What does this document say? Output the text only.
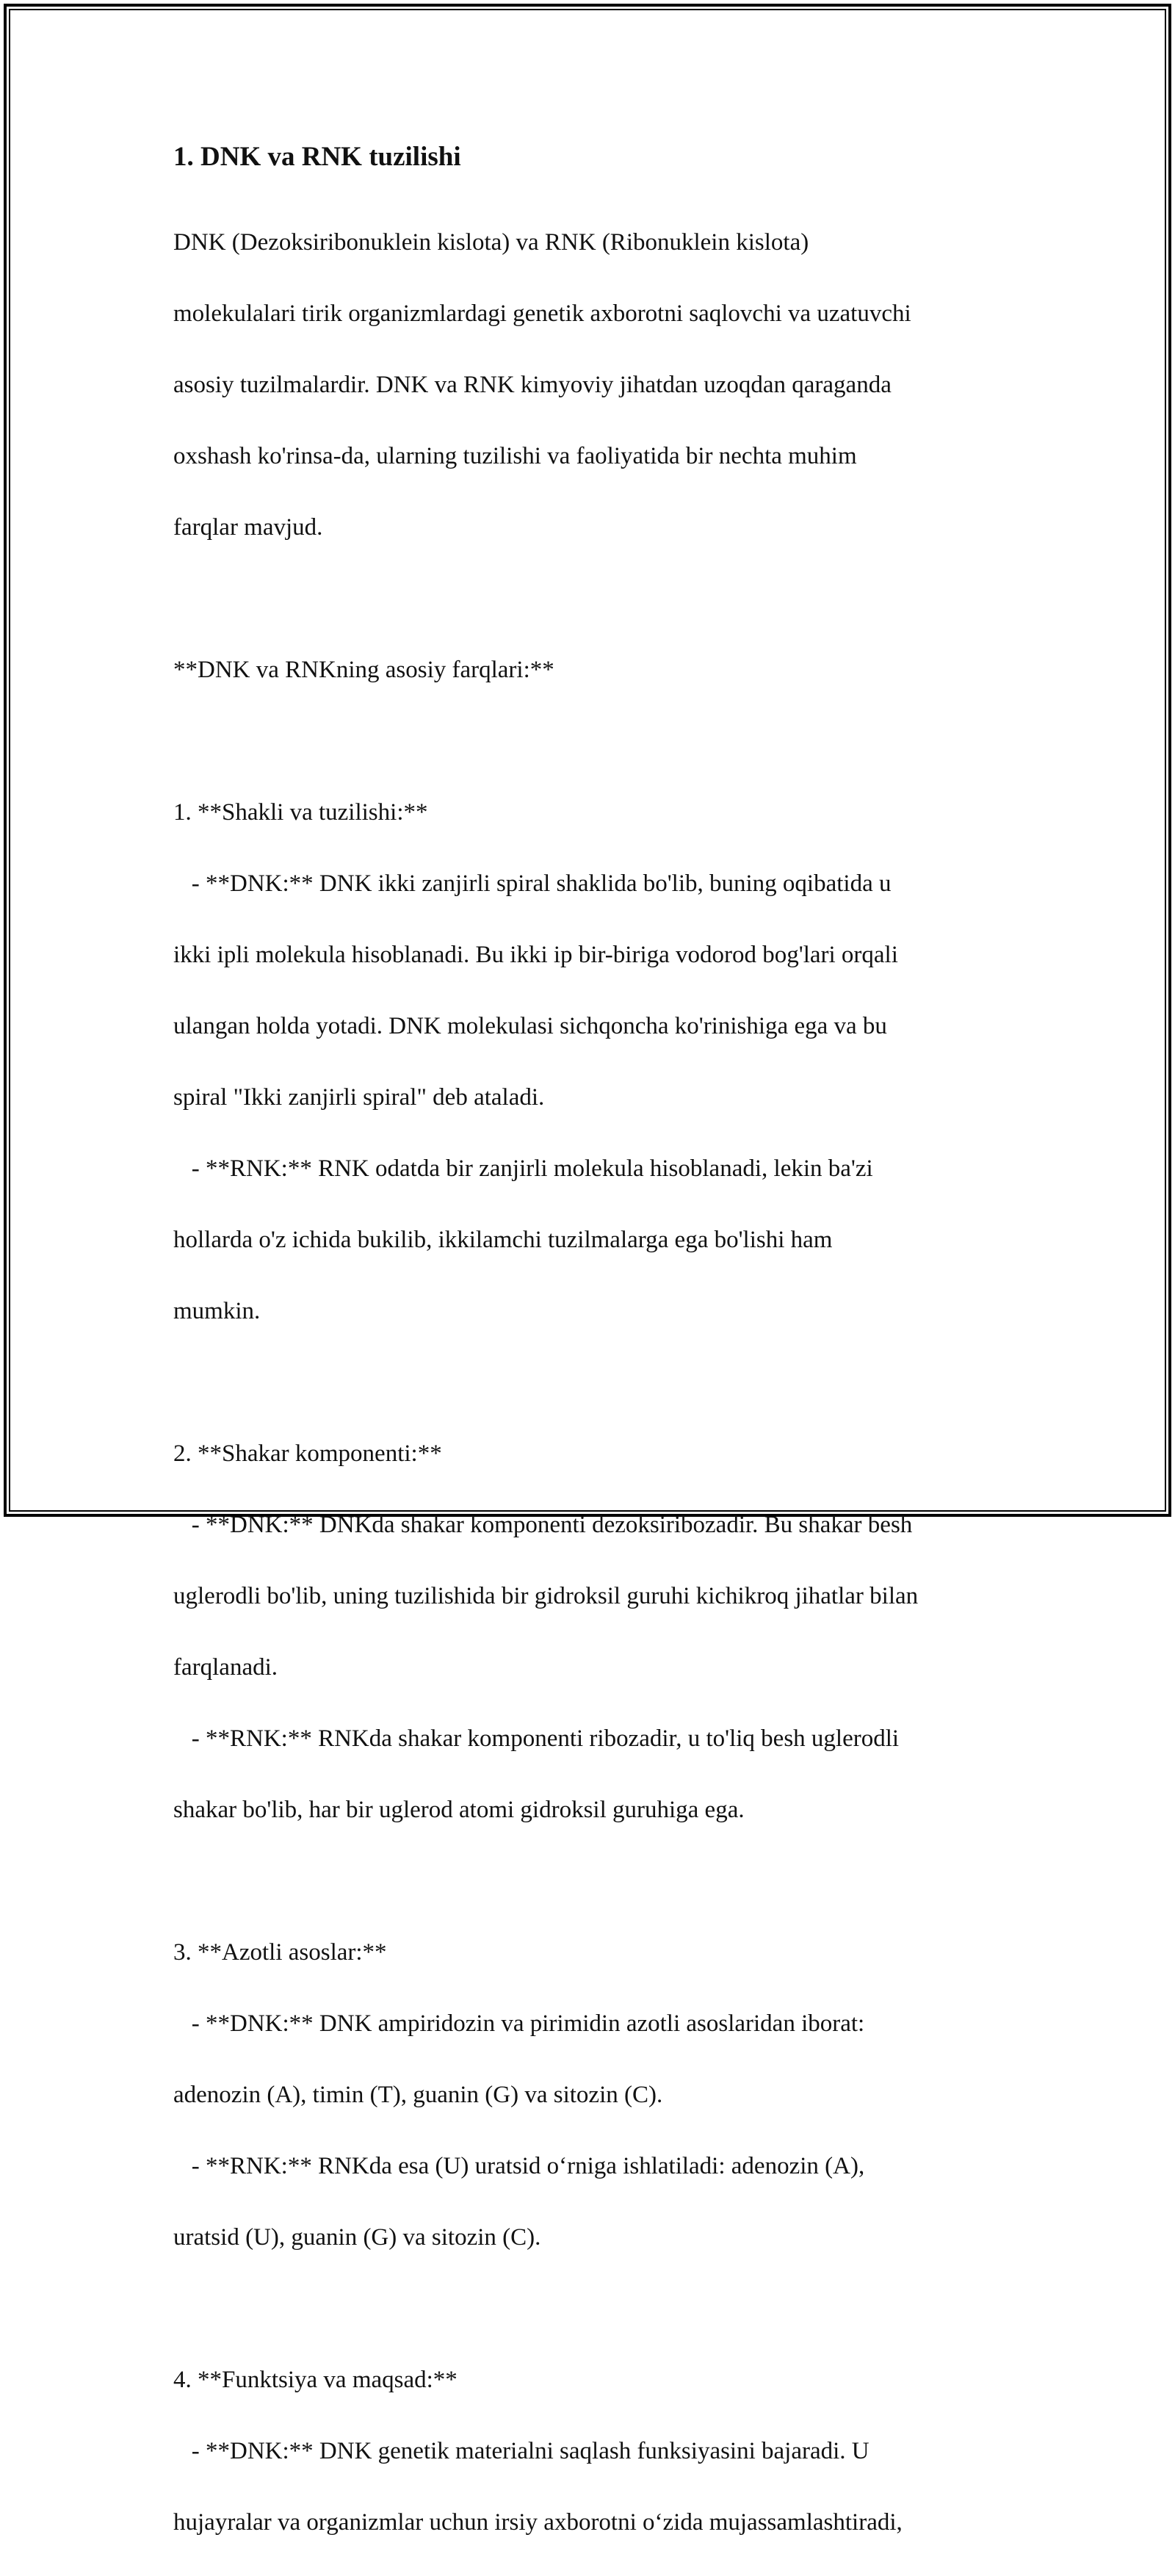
1. DNK va RNK tuzilishi

DNK (Dezoksiribonuklein kislota) va RNK (Ribonuklein kislota)

molekulalari tirik organizmlardagi genetik axborotni saqlovchi va uzatuvchi

asosiy tuzilmalardir. DNK va RNK kimyoviy jihatdan uzoqdan qaraganda

oxshash ko'rinsa-da, ularning tuzilishi va faoliyatida bir nechta muhim

farqlar mavjud.

**DNK va RNKning asosiy farqlari:**

1. **Shakli va tuzilishi:**

- **DNK:** DNK ikki zanjirli spiral shaklida bo'lib, buning oqibatida u

ikki ipli molekula hisoblanadi. Bu ikki ip bir-biriga vodorod bog'lari orqali

ulangan holda yotadi. DNK molekulasi sichqoncha ko'rinishiga ega va bu

spiral "Ikki zanjirli spiral" deb ataladi.

- **RNK:** RNK odatda bir zanjirli molekula hisoblanadi, lekin ba'zi

hollarda o'z ichida bukilib, ikkilamchi tuzilmalarga ega bo'lishi ham

mumkin.

2. **Shakar komponenti:**

- **DNK:** DNKda shakar komponenti dezoksiribozadir. Bu shakar besh

uglerodli bo'lib, uning tuzilishida bir gidroksil guruhi kichikroq jihatlar bilan

farqlanadi.

- **RNK:** RNKda shakar komponenti ribozadir, u to'liq besh uglerodli

shakar bo'lib, har bir uglerod atomi gidroksil guruhiga ega.

3. **Azotli asoslar:**

- **DNK:** DNK ampiridozin va pirimidin azotli asoslaridan iborat:

adenozin (A), timin (T), guanin (G) va sitozin (C).

- **RNK:** RNKda esa (U) uratsid o‘rniga ishlatiladi: adenozin (A),

uratsid (U), guanin (G) va sitozin (C).

4. **Funktsiya va maqsad:**

- **DNK:** DNK genetik materialni saqlash funksiyasini bajaradi. U

hujayralar va organizmlar uchun irsiy axborotni o‘zida mujassamlashtiradi,
